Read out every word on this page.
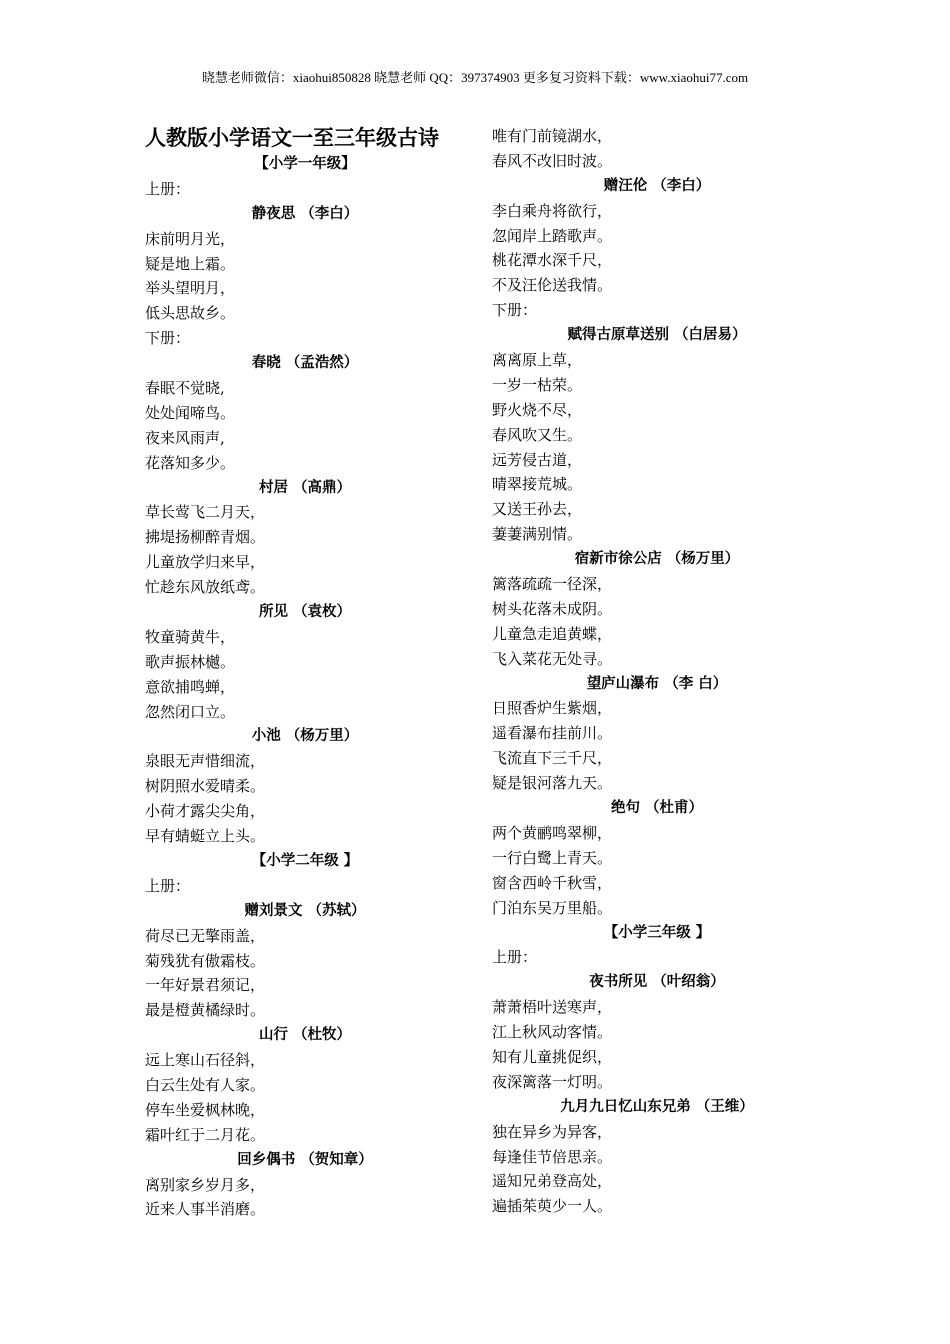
晓慧老师微信：xiaohui850828 晓慧老师 QQ：397374903 更多复习资料下载：www.xiaohui77.com
人教版小学语文一至三年级古诗
【小学一年级】
上册：
静夜思 （李白）
床前明月光，
疑是地上霜。
举头望明月，
低头思故乡。
下册：
春晓 （孟浩然）
春眠不觉晓,
处处闻啼鸟。
夜来风雨声,
花落知多少。
村居 （高鼎）
草长莺飞二月天，
拂堤扬柳醉青烟。
儿童放学归来早，
忙趁东风放纸鸢。
所见 （袁枚）
牧童骑黄牛，
歌声振林樾。
意欲捕鸣蝉，
忽然闭口立。
小池 （杨万里）
泉眼无声惜细流，
树阴照水爱晴柔。
小荷才露尖尖角，
早有蜻蜓立上头。
【小学二年级 】
上册：
赠刘景文 （苏轼）
荷尽已无擎雨盖，
菊残犹有傲霜枝。
一年好景君须记，
最是橙黄橘绿时。
山行 （杜牧）
远上寒山石径斜，
白云生处有人家。
停车坐爱枫林晚，
霜叶红于二月花。
回乡偶书 （贺知章）
离别家乡岁月多，
近来人事半消磨。
唯有门前镜湖水，
春风不改旧时波。
赠汪伦 （李白）
李白乘舟将欲行，
忽闻岸上踏歌声。
桃花潭水深千尺，
不及汪伦送我情。
下册：
赋得古原草送别 （白居易）
离离原上草，
一岁一枯荣。
野火烧不尽，
春风吹又生。
远芳侵古道，
晴翠接荒城。
又送王孙去，
萋萋满别情。
宿新市徐公店 （杨万里）
篱落疏疏一径深，
树头花落未成阴。
儿童急走追黄蝶，
飞入菜花无处寻。
望庐山瀑布 （李 白）
日照香炉生紫烟，
遥看瀑布挂前川。
飞流直下三千尺，
疑是银河落九天。
绝句 （杜甫）
两个黄鹂鸣翠柳，
一行白鹭上青天。
窗含西岭千秋雪，
门泊东吴万里船。
【小学三年级 】
上册：
夜书所见 （叶绍翁）
萧萧梧叶送寒声，
江上秋风动客情。
知有儿童挑促织，
夜深篱落一灯明。
九月九日忆山东兄弟 （王维）
独在异乡为异客，
每逢佳节倍思亲。
遥知兄弟登高处，
遍插茱萸少一人。
